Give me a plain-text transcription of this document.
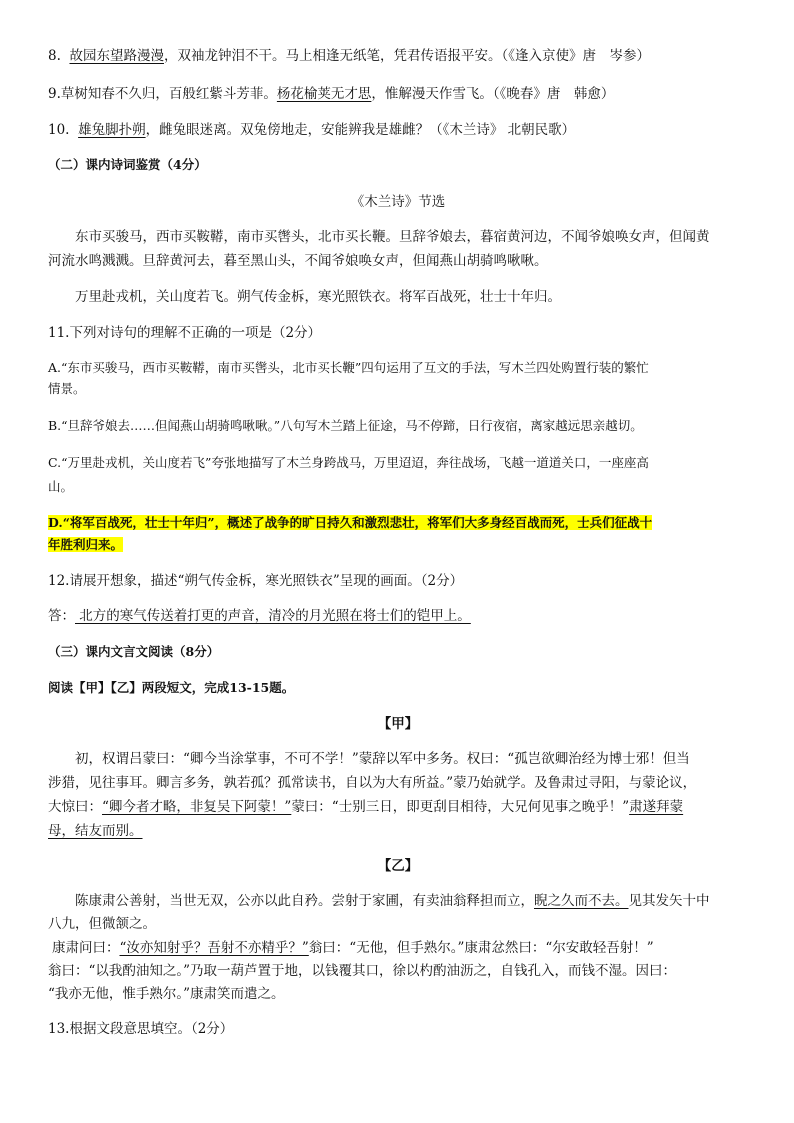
8. 故园东望路漫漫，双袖龙钟泪不干。马上相逢无纸笔，凭君传语报平安。（《逢入京使》唐　岑参）
9.草树知春不久归，百般红紫斗芳菲。杨花榆荚无才思，惟解漫天作雪飞。（《晚春》唐　韩愈）
10. 雄兔脚扑朔，雌兔眼迷离。双兔傍地走，安能辨我是雄雌？（《木兰诗》 北朝民歌）
（二）课内诗词鉴赏（4分）
《木兰诗》节选
东市买骏马，西市买鞍鞯，南市买辔头，北市买长鞭。旦辞爷娘去，暮宿黄河边，不闻爷娘唤女声，但闻黄
河流水鸣溅溅。旦辞黄河去，暮至黑山头，不闻爷娘唤女声，但闻燕山胡骑鸣啾啾。
万里赴戎机，关山度若飞。朔气传金柝，寒光照铁衣。将军百战死，壮士十年归。
11.下列对诗句的理解不正确的一项是（2分）
A.“东市买骏马，西市买鞍鞯，南市买辔头，北市买长鞭”四句运用了互文的手法，写木兰四处购置行装的繁忙
情景。
B.“旦辞爷娘去……但闻燕山胡骑鸣啾啾。”八句写木兰踏上征途，马不停蹄，日行夜宿，离家越远思亲越切。
C.“万里赴戎机，关山度若飞”夸张地描写了木兰身跨战马，万里迢迢，奔往战场，飞越一道道关口，一座座高
山。
D.“将军百战死，壮士十年归”，概述了战争的旷日持久和激烈悲壮，将军们大多身经百战而死，士兵们征战十
年胜利归来。
12.请展开想象，描述“朔气传金柝，寒光照铁衣”呈现的画面。（2分）
答： 北方的寒气传送着打更的声音，清冷的月光照在将士们的铠甲上。
（三）课内文言文阅读（8分）
阅读【甲】【乙】两段短文，完成13-15题。
【甲】
初，权谓吕蒙曰：“卿今当涂掌事，不可不学！”蒙辞以军中多务。权曰：“孤岂欲卿治经为博士邪！但当
涉猎，见往事耳。卿言多务，孰若孤？孤常读书，自以为大有所益。”蒙乃始就学。及鲁肃过寻阳，与蒙论议，
大惊曰：“卿今者才略，非复吴下阿蒙！”蒙曰：“士别三日，即更刮目相待，大兄何见事之晚乎！”肃遂拜蒙
母，结友而别。
【乙】
陈康肃公善射，当世无双，公亦以此自矜。尝射于家圃，有卖油翁释担而立，睨之久而不去。见其发矢十中
八九，但微颔之。
康肃问曰：“汝亦知射乎？吾射不亦精乎？”翁曰：“无他，但手熟尔。”康肃忿然曰：“尔安敢轻吾射！”
翁曰：“以我酌油知之。”乃取一葫芦置于地，以钱覆其口，徐以杓酌油沥之，自钱孔入，而钱不湿。因曰：
“我亦无他，惟手熟尔。”康肃笑而遣之。
13.根据文段意思填空。（2分）
